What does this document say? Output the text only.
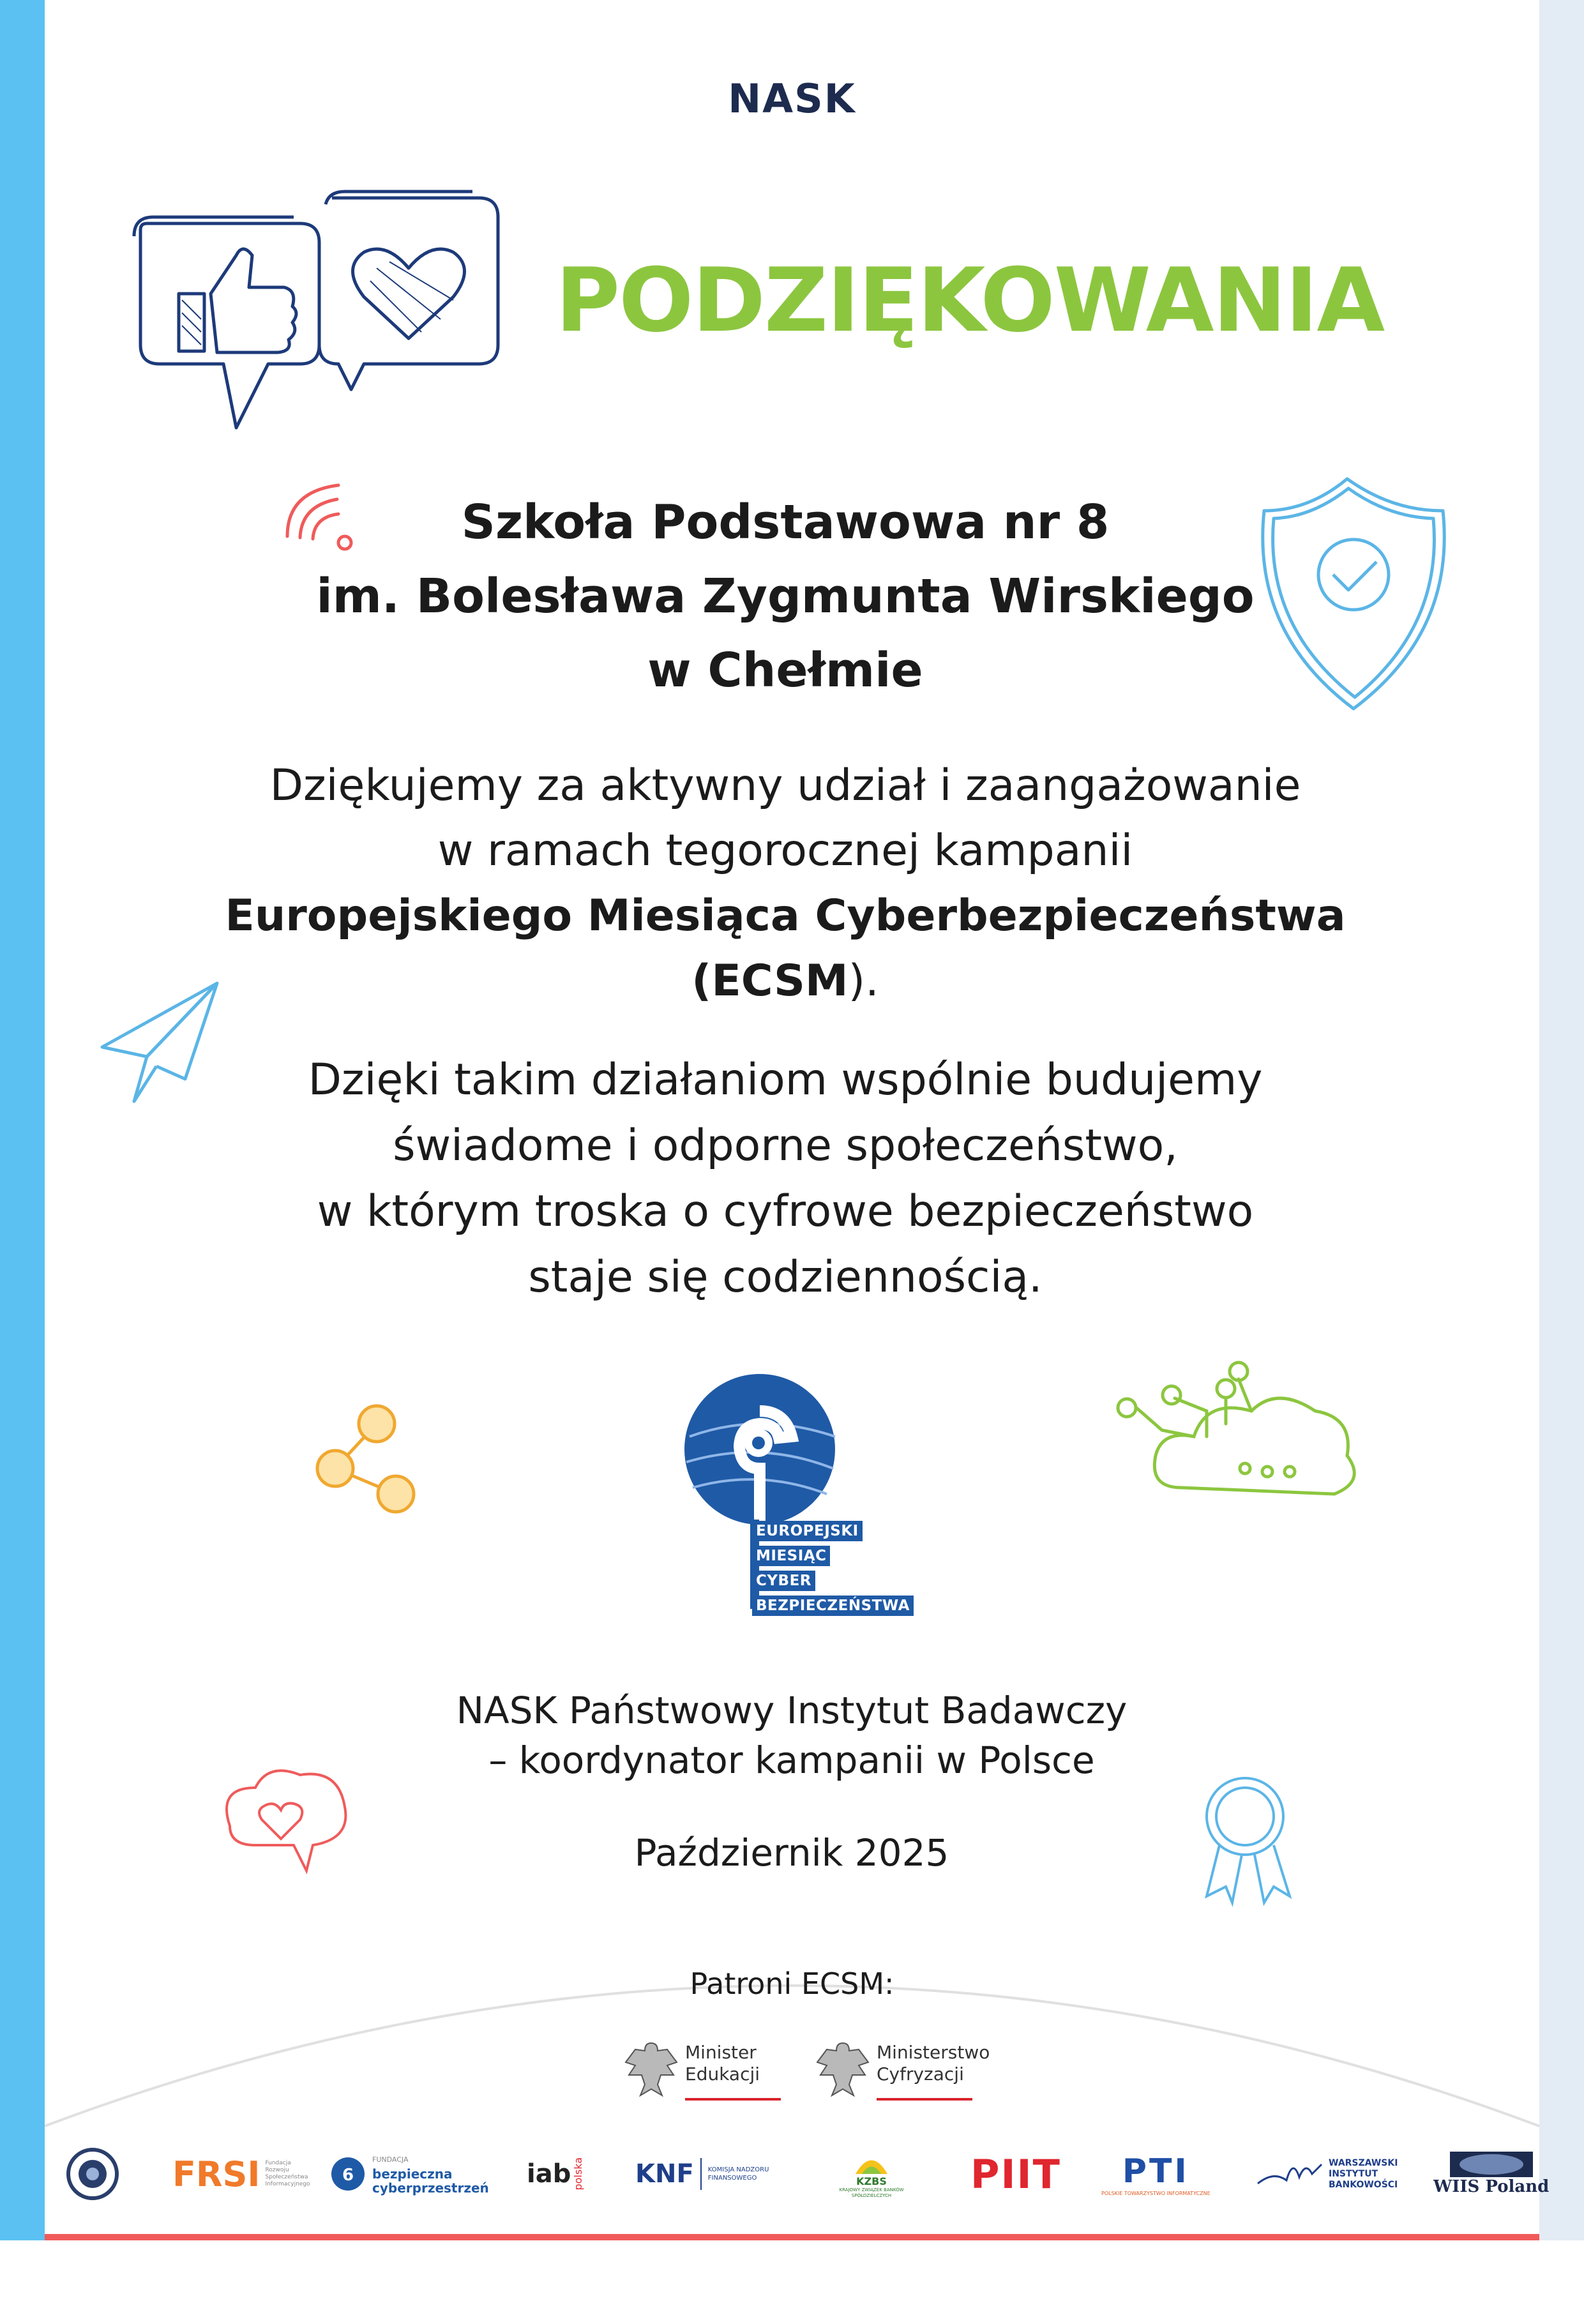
NASK
PODZIĘKOWANIA
Szkoła Podstawowa nr 8
im. Bolesława Zygmunta Wirskiego
w Chełmie
Dziękujemy za aktywny udział i zaangażowanie
w ramach tegorocznej kampanii
Europejskiego Miesiąca Cyberbezpieczeństwa
(ECSM).
Dzięki takim działaniom wspólnie budujemy
świadome i odporne społeczeństwo,
w którym troska o cyfrowe bezpieczeństwo
staje się codziennością.
EUROPEJSKI
MIESIĄC
CYBER
BEZPIECZEŃSTWA
NASK Państwowy Instytut Badawczy
– koordynator kampanii w Polsce
Październik 2025
Patroni ECSM:
Minister
Edukacji
Ministerstwo
Cyfryzacji
FRSI Fundacja Rozwoju Społeczeństwa Informacyjnego	6
FUNDACJA
bezpieczna
cyberprzestrzeń iab polska KNF KOMISJA NADZORU FINANSOWEGO	KZBS
KRAJOWY ZWIĄZEK BANKÓW SPÓŁDZIELCZYCH	PIIT PTI
POLSKIE TOWARZYSTWO INFORMATYCZNE
WARSZAWSKI INSTYTUT BANKOWOŚCI WIIS Poland
